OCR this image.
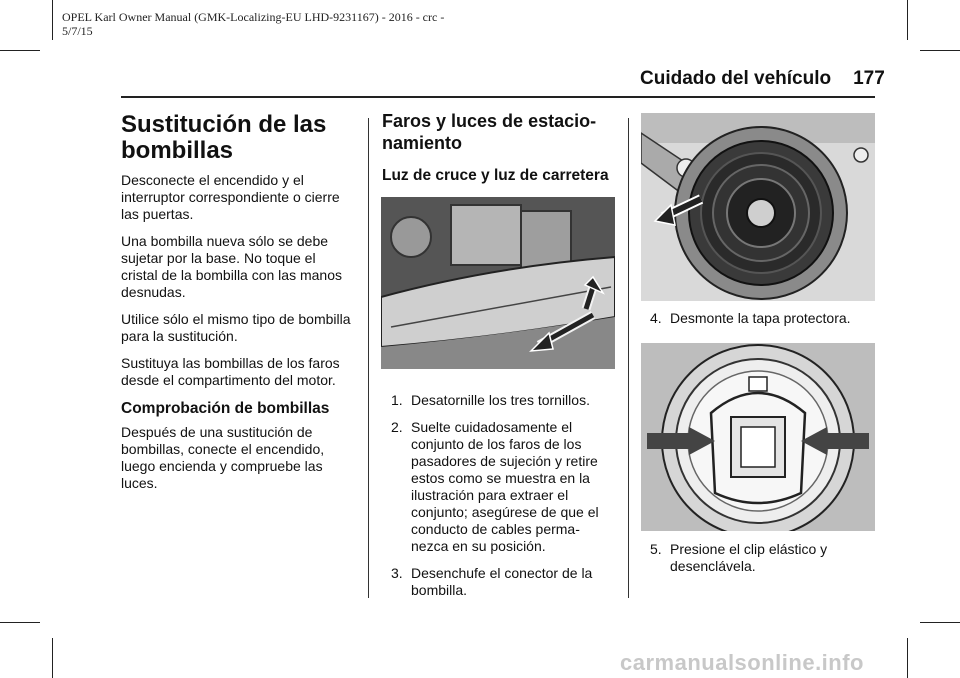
OPEL Karl Owner Manual (GMK-Localizing-EU LHD-9231167) - 2016 - crc -
5/7/15
Cuidado del vehículo 177
Sustitución de las
bombillas

Desconecte el encendido y el interruptor correspondiente o cierre las puertas.

Una bombilla nueva sólo se debe sujetar por la base. No toque el cristal de la bombilla con las manos desnudas.

Utilice sólo el mismo tipo de bombilla para la sustitución.

Sustituya las bombillas de los faros desde el compartimento del motor.

Comprobación de bombillas

Después de una sustitución de bombillas, conecte el encendido, luego encienda y compruebe las luces.

Faros y luces de estacio-
namiento
Luz de cruce y luz de carretera
1. Desatornille los tres tornillos.
2. Suelte cuidadosamente el conjunto de los faros de los pasadores de sujeción y retire estos como se muestra en la ilustración para extraer el conjunto; asegúrese de que el conducto de cables perma-nezca en su posición.
3. Desenchufe el conector de la bombilla.
4. Desmonte la tapa protectora.
5. Presione el clip elástico y desenclávela.
carmanualsonline.info
